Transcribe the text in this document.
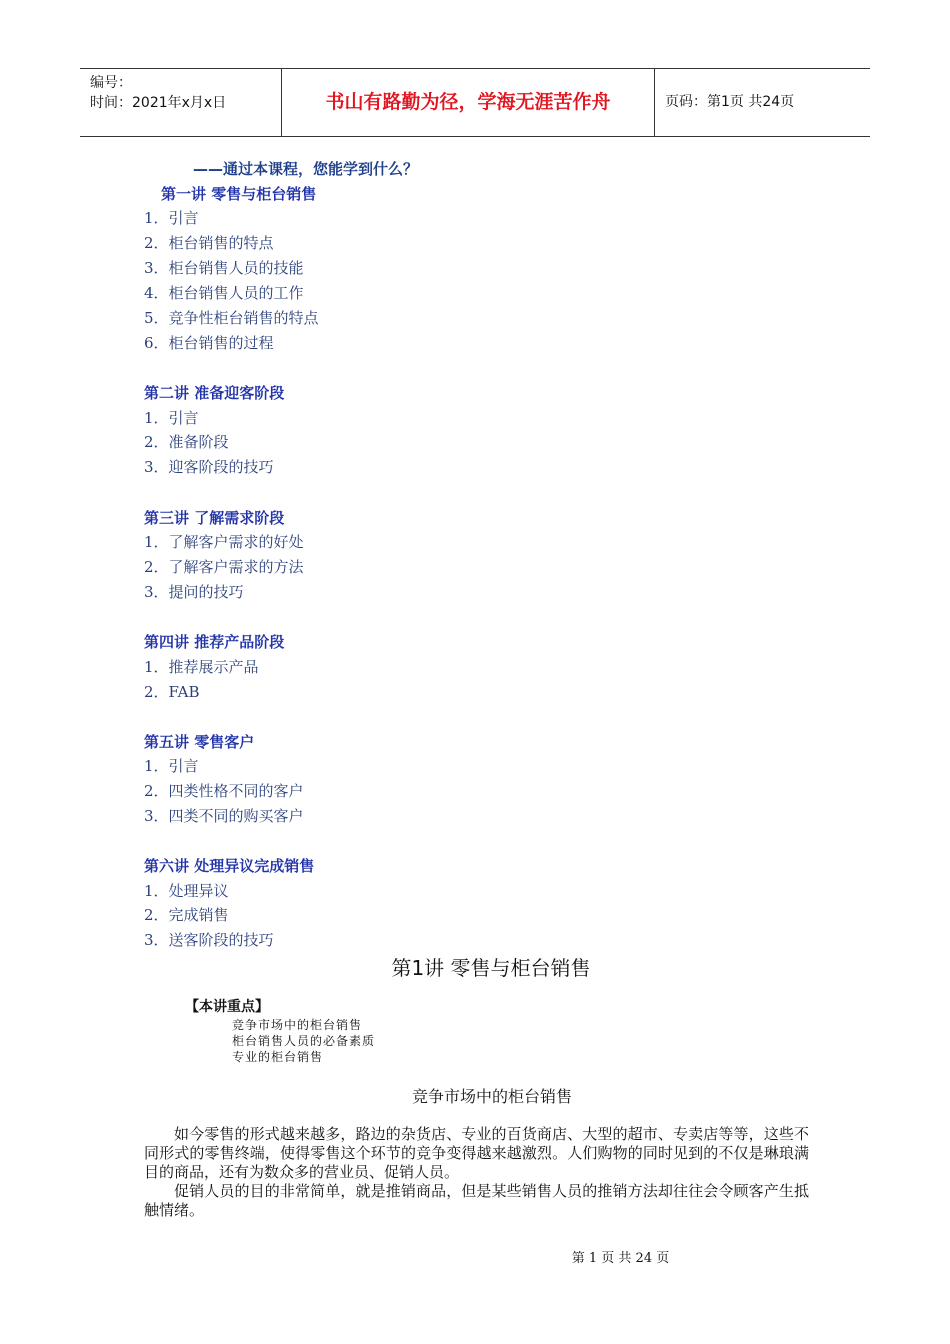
编号：
时间：2021年x月x日	书山有路勤为径，学海无涯苦作舟	页码：第1页 共24页
——通过本课程，您能学到什么？
第一讲 零售与柜台销售
1．引言
2．柜台销售的特点
3．柜台销售人员的技能
4．柜台销售人员的工作
5．竞争性柜台销售的特点
6．柜台销售的过程
第二讲 准备迎客阶段
1．引言
2．准备阶段
3．迎客阶段的技巧
第三讲 了解需求阶段
1．了解客户需求的好处
2．了解客户需求的方法
3．提问的技巧
第四讲 推荐产品阶段
1．推荐展示产品
2．FAB
第五讲 零售客户
1．引言
2．四类性格不同的客户
3．四类不同的购买客户
第六讲 处理异议完成销售
1．处理异议
2．完成销售
3．送客阶段的技巧
第1讲 零售与柜台销售
【本讲重点】
竞争市场中的柜台销售
柜台销售人员的必备素质
专业的柜台销售
竞争市场中的柜台销售
如今零售的形式越来越多，路边的杂货店、专业的百货商店、大型的超市、专卖店等等，这些不同形式的零售终端，使得零售这个环节的竞争变得越来越激烈。人们购物的同时见到的不仅是琳琅满目的商品，还有为数众多的营业员、促销人员。
促销人员的目的非常简单，就是推销商品，但是某些销售人员的推销方法却往往会令顾客产生抵触情绪。
第 1 页 共 24 页
